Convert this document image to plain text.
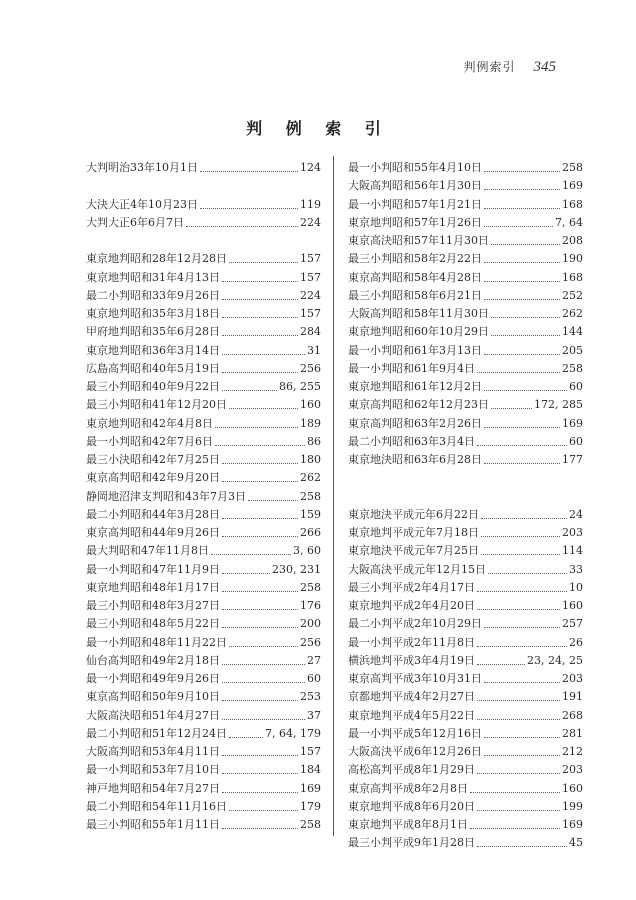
判例索引 345
判 例 索 引
大判明治33年10月1日	124
大決大正4年10月23日	119
大判大正6年6月7日	224
東京地判昭和28年12月28日	157
東京地判昭和31年4月13日	157
最二小判昭和33年9月26日	224
東京地判昭和35年3月18日	157
甲府地判昭和35年6月28日	284
東京地判昭和36年3月14日	31
広島高判昭和40年5月19日	256
最三小判昭和40年9月22日	86, 255
最三小判昭和41年12月20日	160
東京地判昭和42年4月8日	189
最一小判昭和42年7月6日	86
最三小決昭和42年7月25日	180
東京高判昭和42年9月20日	262
静岡地沼津支判昭和43年7月3日	258
最二小判昭和44年3月28日	159
東京高判昭和44年9月26日	266
最大判昭和47年11月8日	3, 60
最一小判昭和47年11月9日	230, 231
東京地判昭和48年1月17日	258
最三小判昭和48年3月27日	176
最三小判昭和48年5月22日	200
最一小判昭和48年11月22日	256
仙台高判昭和49年2月18日	27
最一小判昭和49年9月26日	60
東京高判昭和50年9月10日	253
大阪高決昭和51年4月27日	37
最二小判昭和51年12月24日	7, 64, 179
大阪高判昭和53年4月11日	157
最一小判昭和53年7月10日	184
神戸地判昭和54年7月27日	169
最二小判昭和54年11月16日	179
最三小判昭和55年1月11日	258
最一小判昭和55年4月10日	258
大阪高判昭和56年1月30日	169
最一小判昭和57年1月21日	168
東京地判昭和57年1月26日	7, 64
東京高決昭和57年11月30日	208
最三小判昭和58年2月22日	190
東京高判昭和58年4月28日	168
最三小判昭和58年6月21日	252
大阪高判昭和58年11月30日	262
東京地判昭和60年10月29日	144
最一小判昭和61年3月13日	205
最一小判昭和61年9月4日	258
東京地判昭和61年12月2日	60
東京高判昭和62年12月23日	172, 285
東京高判昭和63年2月26日	169
最二小判昭和63年3月4日	60
東京地決昭和63年6月28日	177
東京地決平成元年6月22日	24
東京地判平成元年7月18日	203
東京地決平成元年7月25日	114
大阪高決平成元年12月15日	33
最三小判平成2年4月17日	10
東京地判平成2年4月20日	160
最二小判平成2年10月29日	257
最一小判平成2年11月8日	26
横浜地判平成3年4月19日	23, 24, 25
東京高判平成3年10月31日	203
京都地判平成4年2月27日	191
東京地判平成4年5月22日	268
最一小判平成5年12月16日	281
大阪高決平成6年12月26日	212
高松高判平成8年1月29日	203
東京高判平成8年2月8日	160
東京地判平成8年6月20日	199
東京地判平成8年8月1日	169
最三小判平成9年1月28日	45
